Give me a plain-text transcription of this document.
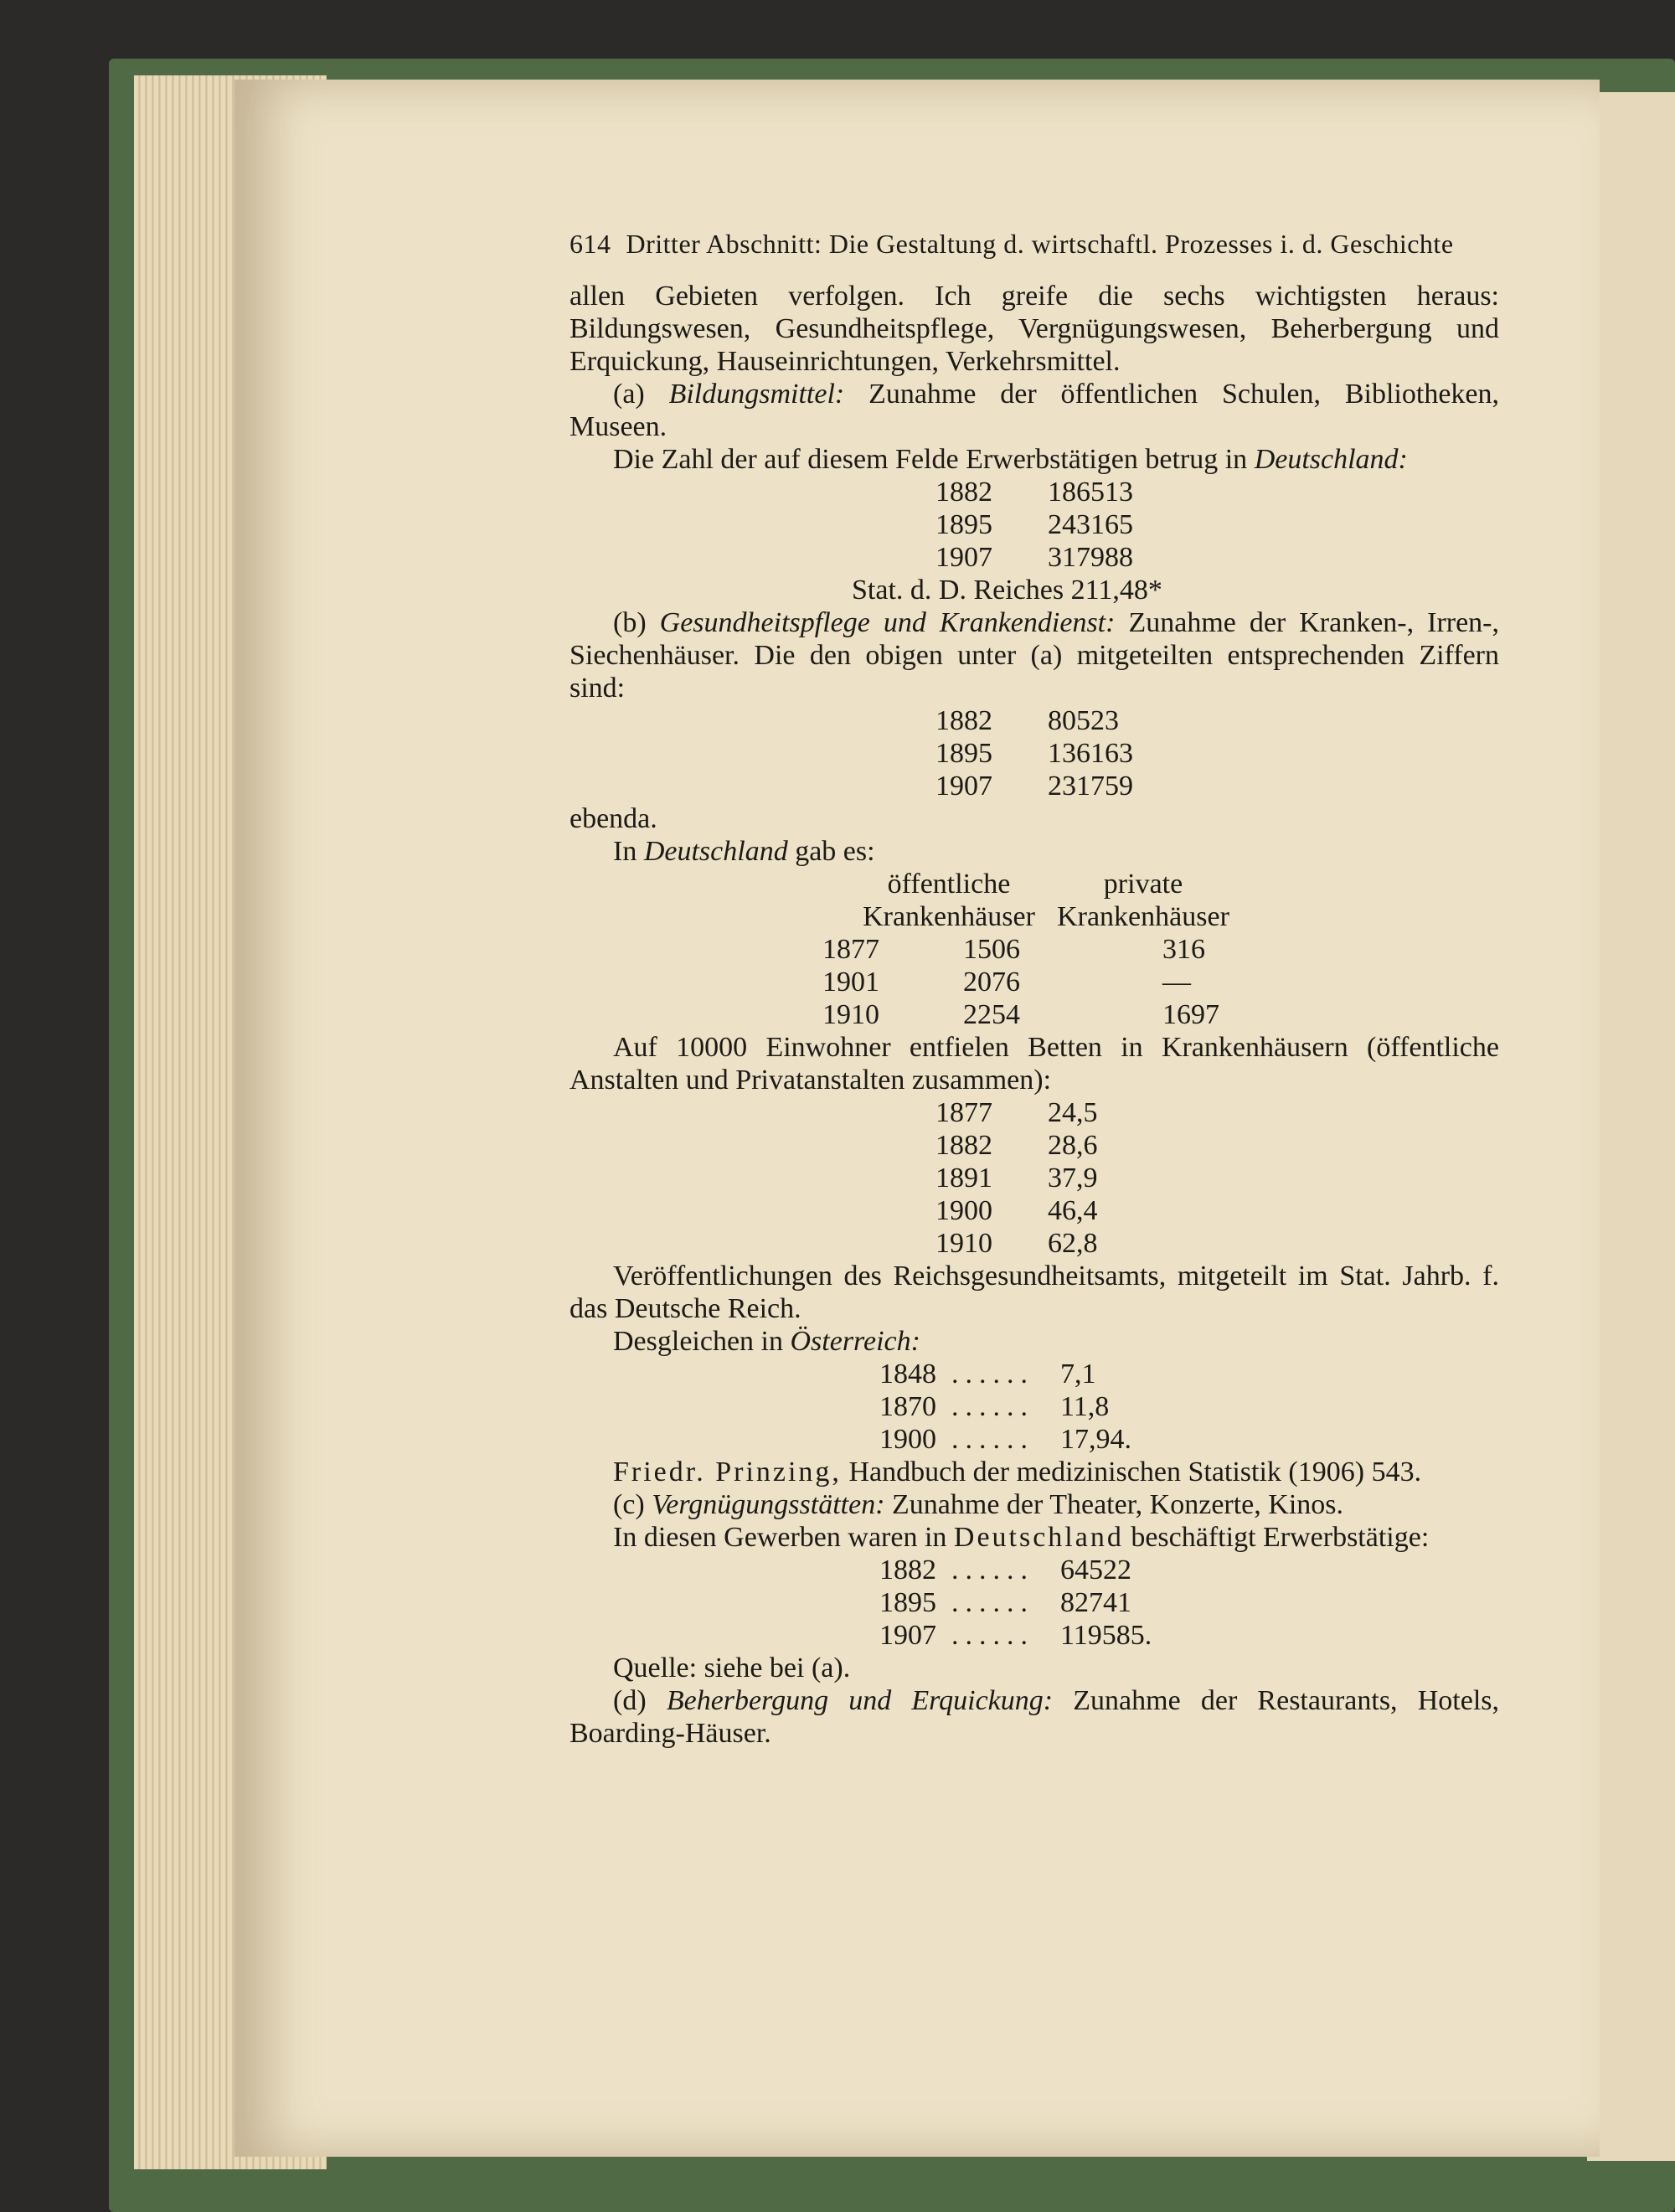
614 Dritter Abschnitt: Die Gestaltung d. wirtschaftl. Prozesses i. d. Geschichte

allen Gebieten verfolgen. Ich greife die sechs wichtigsten heraus: Bildungswesen, Gesundheitspflege, Vergnügungswesen, Beherbergung und Erquickung, Hauseinrichtungen, Verkehrsmittel.

(a) Bildungsmittel: Zunahme der öffentlichen Schulen, Bibliotheken, Museen.

Die Zahl der auf diesem Felde Erwerbstätigen betrug in Deutschland:

1882	186513
1895	243165
1907	317988

Stat. d. D. Reiches 211,48*

(b) Gesundheitspflege und Krankendienst: Zunahme der Kranken-, Irren-, Siechenhäuser. Die den obigen unter (a) mitgeteilten entsprechenden Ziffern sind:

1882	80523
1895	136163
1907	231759

ebenda.

In Deutschland gab es:

	öffentliche	private
	Krankenhäuser	Krankenhäuser
1877	1506	316
1901	2076	—
1910	2254	1697

Auf 10000 Einwohner entfielen Betten in Krankenhäusern (öffentliche Anstalten und Privatanstalten zusammen):

1877	24,5
1882	28,6
1891	37,9
1900	46,4
1910	62,8

Veröffentlichungen des Reichsgesundheitsamts, mitgeteilt im Stat. Jahrb. f. das Deutsche Reich.

Desgleichen in Österreich:

1848	......	7,1
1870	......	11,8
1900	......	17,94.

Friedr. Prinzing, Handbuch der medizinischen Statistik (1906) 543.

(c) Vergnügungsstätten: Zunahme der Theater, Konzerte, Kinos.

In diesen Gewerben waren in Deutschland beschäftigt Erwerbstätige:

1882	......	64522
1895	......	82741
1907	......	119585.

Quelle: siehe bei (a).

(d) Beherbergung und Erquickung: Zunahme der Restaurants, Hotels, Boarding-Häuser.
